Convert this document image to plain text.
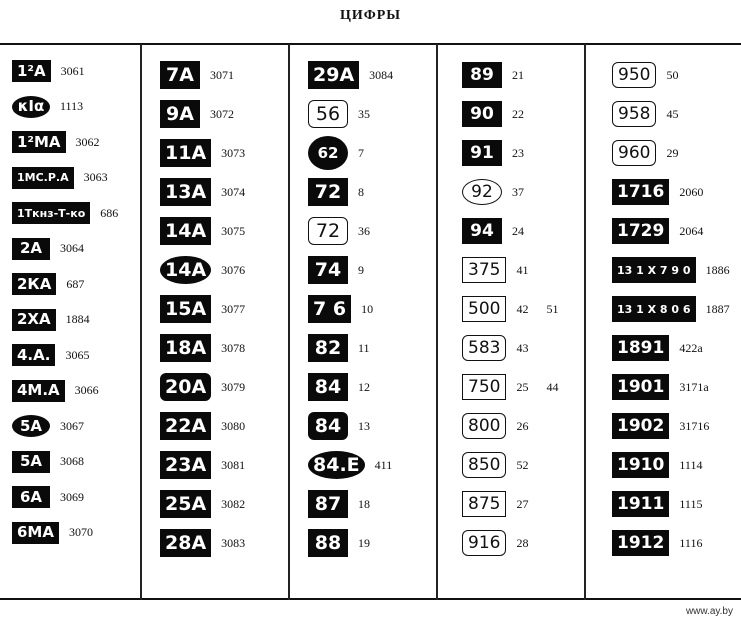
ЦИФРЫ
1²А	3061
κΙα	1113
1²МА	3062
1МС.Р.А	3063
1Ткнз-Т-ко	686
2А	3064
2КА	687
2ХА	1884
4.А.	3065
4М.А	3066
5А	3067
5А	3068
6А	3069
6МА	3070
7А	3071
9А	3072
11А	3073
13А	3074
14А	3075
14А	3076
15А	3077
18А	3078
20А	3079
22А	3080
23А	3081
25А	3082
28А	3083
29А	3084
56	35
62	7
72	8
72	36
74	9
7 6	10
82	11
84	12
84	13
84.Е	411
87	18
88	19
89	21
90	22
91	23
92	37
94	24
375	41
500	42 51
583	43
750	25 44
800	26
850	52
875	27
916	28
950	50
958	45
960	29
1716	2060
1729	2064
13 1 X 7 9 0	1886
13 1 X 8 0 6	1887
1891	422а
1901	3171а
1902	31716
1910	1114
1911	1115
1912	1116
www.ay.by
